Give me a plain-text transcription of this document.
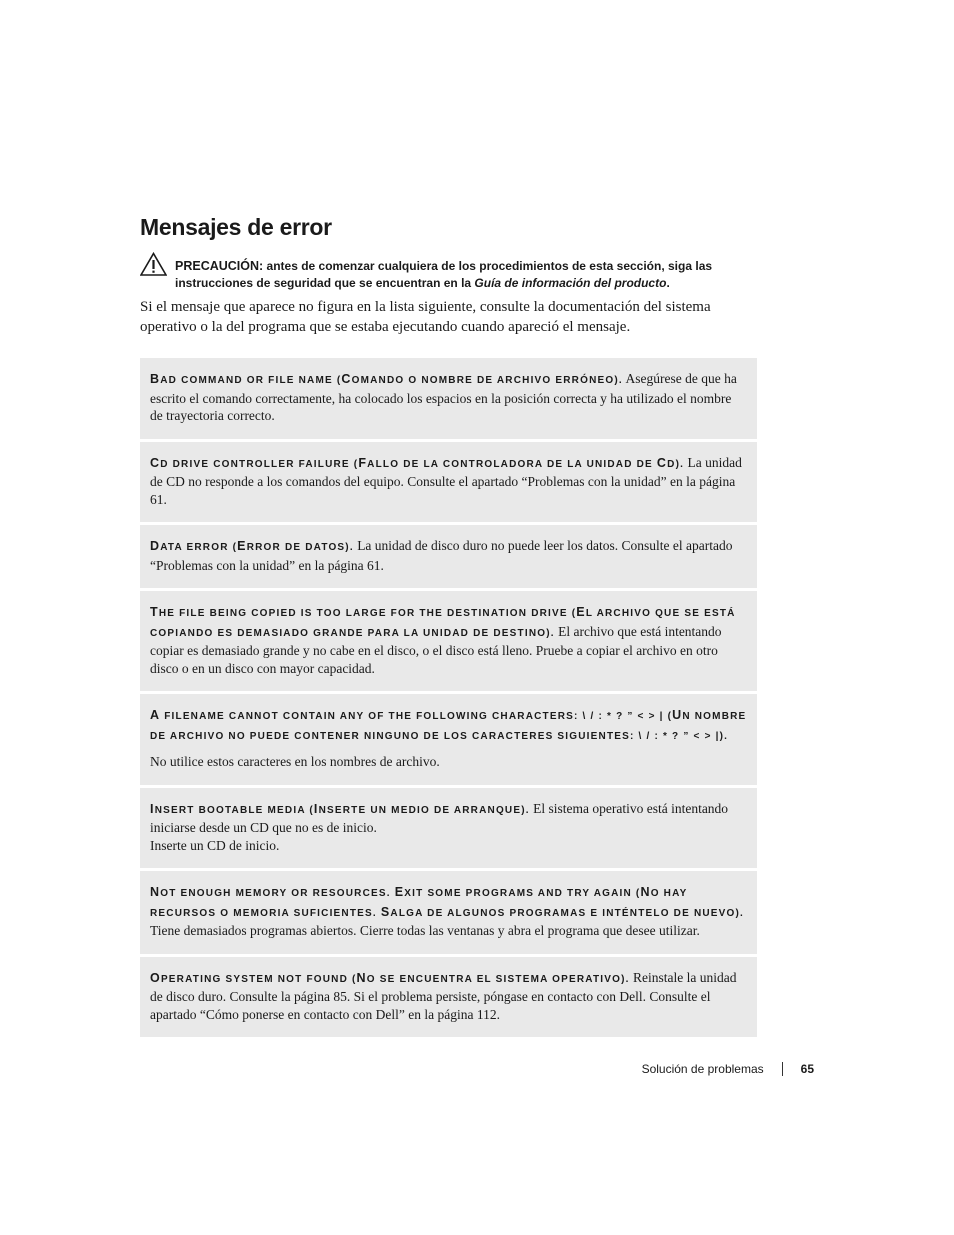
Mensajes de error
PRECAUCIÓN: antes de comenzar cualquiera de los procedimientos de esta sección, siga las instrucciones de seguridad que se encuentran en la Guía de información del producto.

Si el mensaje que aparece no figura en la lista siguiente, consulte la documentación del sistema operativo o la del programa que se estaba ejecutando cuando apareció el mensaje.

BAD COMMAND OR FILE NAME (COMANDO O NOMBRE DE ARCHIVO ERRÓNEO). Asegúrese de que ha escrito el comando correctamente, ha colocado los espacios en la posición correcta y ha utilizado el nombre de trayectoria correcto.
CD DRIVE CONTROLLER FAILURE (FALLO DE LA CONTROLADORA DE LA UNIDAD DE CD). La unidad de CD no responde a los comandos del equipo. Consulte el apartado “Problemas con la unidad” en la página 61.
DATA ERROR (ERROR DE DATOS). La unidad de disco duro no puede leer los datos. Consulte el apartado “Problemas con la unidad” en la página 61.
THE FILE BEING COPIED IS TOO LARGE FOR THE DESTINATION DRIVE (EL ARCHIVO QUE SE ESTÁ COPIANDO ES DEMASIADO GRANDE PARA LA UNIDAD DE DESTINO). El archivo que está intentando copiar es demasiado grande y no cabe en el disco, o el disco está lleno. Pruebe a copiar el archivo en otro disco o en un disco con mayor capacidad.
A FILENAME CANNOT CONTAIN ANY OF THE FOLLOWING CHARACTERS: \ / : * ? ” < > | (UN NOMBRE DE ARCHIVO NO PUEDE CONTENER NINGUNO DE LOS CARACTERES SIGUIENTES: \ / : * ? ” < > |).
No utilice estos caracteres en los nombres de archivo.
INSERT BOOTABLE MEDIA (INSERTE UN MEDIO DE ARRANQUE). El sistema operativo está intentando iniciarse desde un CD que no es de inicio.
Inserte un CD de inicio.
NOT ENOUGH MEMORY OR RESOURCES. EXIT SOME PROGRAMS AND TRY AGAIN (NO HAY RECURSOS O MEMORIA SUFICIENTES. SALGA DE ALGUNOS PROGRAMAS E INTÉNTELO DE NUEVO). Tiene demasiados programas abiertos. Cierre todas las ventanas y abra el programa que desee utilizar.
OPERATING SYSTEM NOT FOUND (NO SE ENCUENTRA EL SISTEMA OPERATIVO). Reinstale la unidad de disco duro. Consulte la página 85. Si el problema persiste, póngase en contacto con Dell. Consulte el apartado “Cómo ponerse en contacto con Dell” en la página 112.
Solución de problemas	65
